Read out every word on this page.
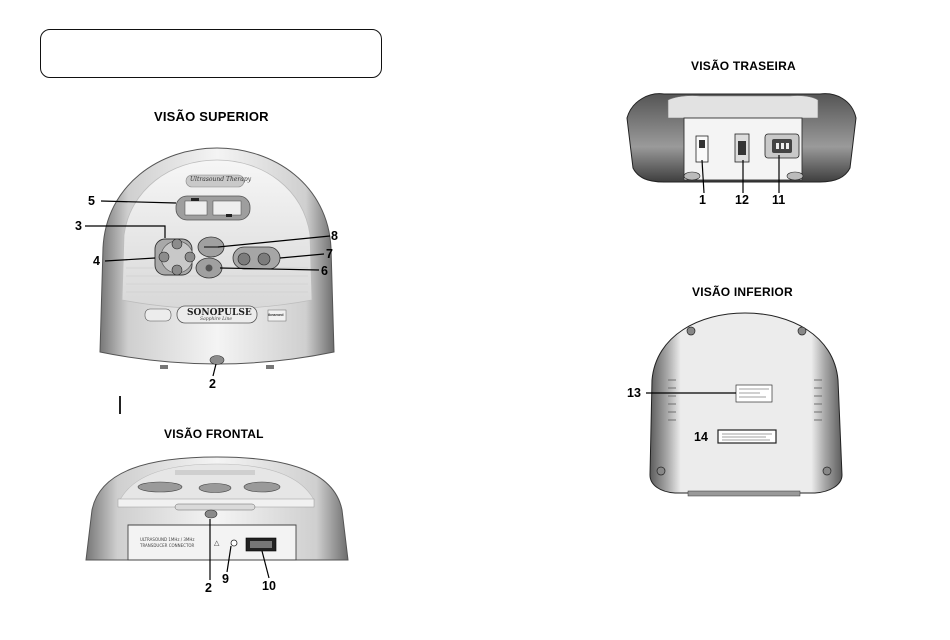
ULTRASOUND 1MHz / 3MHz
TRANSDUCER CONNECTOR	△
VISÃO SUPERIOR
VISÃO FRONTAL
VISÃO TRASEIRA
VISÃO INFERIOR
Ultrasound Therapy
SONOPULSE
Sapphire Line
ibramed
5
3
4
8
7
6
2
2
9	10
1 12 11
13
14
